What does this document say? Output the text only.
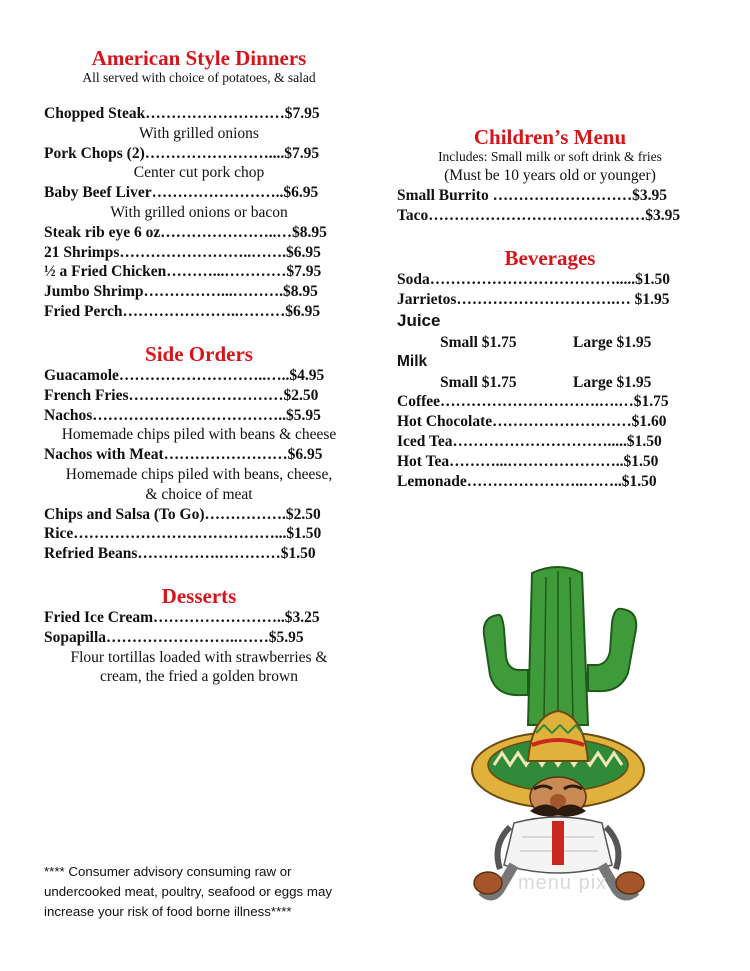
American Style Dinners
All served with choice of potatoes, & salad
Chopped Steak………………………$7.95
With grilled onions
Pork Chops (2)……………………....$7.95
Center cut pork chop
Baby Beef Liver……………………..$6.95
With grilled onions or bacon
Steak rib eye 6 oz…………………..…$8.95
21 Shrimps……………………..…….$6.95
½ a Fried Chicken………...…………$7.95
Jumbo Shrimp……………...……….$8.95
Fried Perch…………………..………$6.95
Side Orders
Guacamole………………………..…..$4.95
French Fries…………………………$2.50
Nachos………………………………..$5.95
Homemade chips piled with beans & cheese
Nachos with Meat……………………$6.95
Homemade chips piled with beans, cheese,
& choice of meat
Chips and Salsa (To Go)…………….$2.50
Rice…………………………………...$1.50
Refried Beans…………….…………$1.50
Desserts
Fried Ice Cream……………………..$3.25
Sopapilla……………………..……$5.95
Flour tortillas loaded with strawberries &
cream, the fried a golden brown
**** Consumer advisory consuming raw or
undercooked meat, poultry, seafood or eggs may
increase your risk of food borne illness****
Children’s Menu
Includes: Small milk or soft drink & fries
(Must be 10 years old or younger)
Small Burrito ………………………$3.95
Taco……………………………………$3.95
Beverages
Soda……………………………….....$1.50
Jarrietos………………………….… $1.95
Juice
Small $1.75	Large $1.95
Milk
Small $1.75	Large $1.95
Coffee………………………….….…$1.75
Hot Chocolate………………………$1.60
Iced Tea………………………….....$1.50
Hot Tea………...…………………..$1.50
Lemonade…………………..……..$1.50
menu pix
